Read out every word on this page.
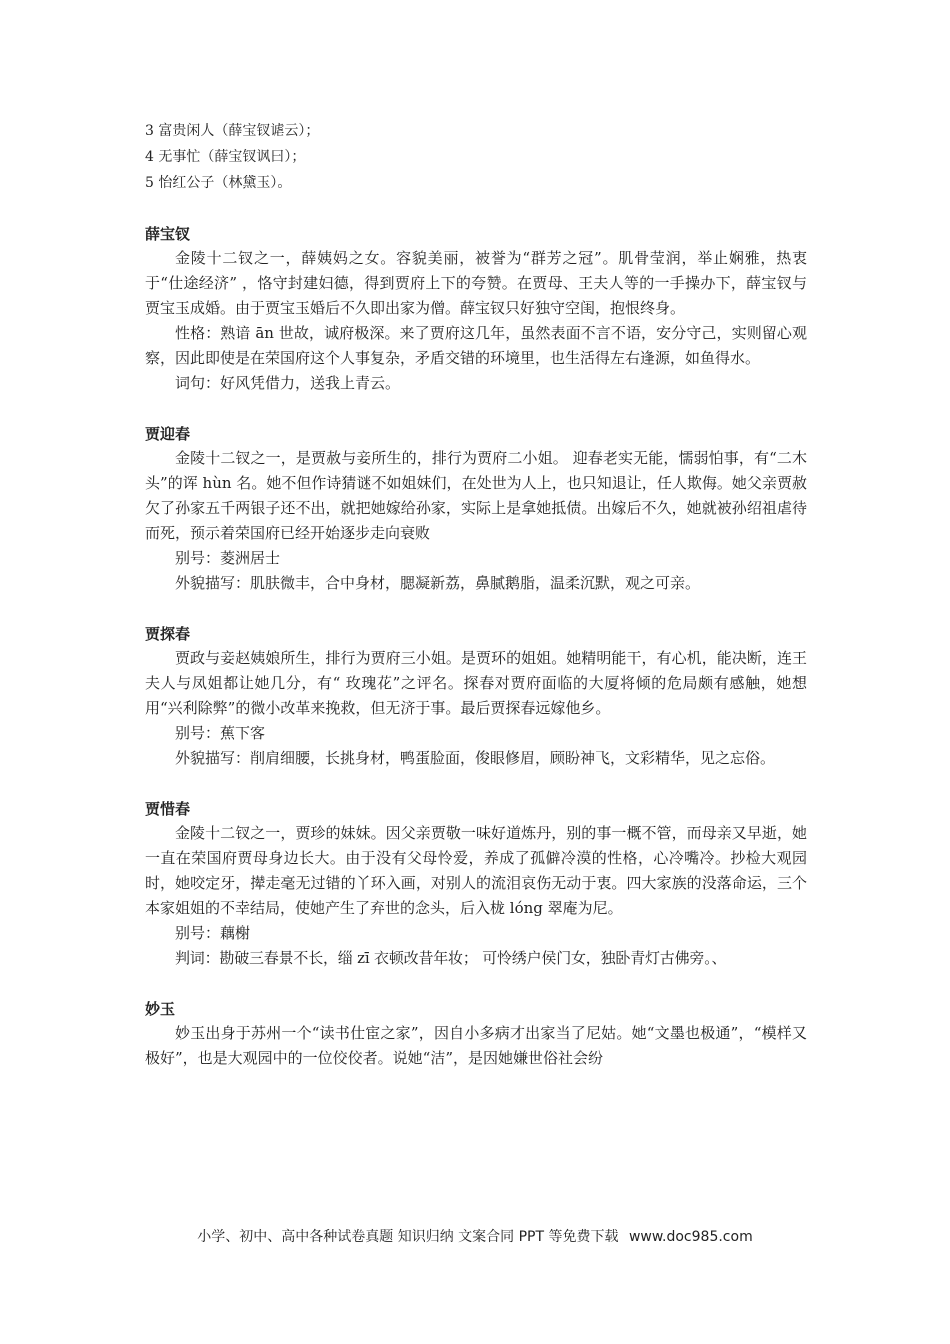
3 富贵闲人（薛宝钗谑云）；

4 无事忙（薛宝钗讽曰）；

5 怡红公子（林黛玉）。

薛宝钗

金陵十二钗之一，薛姨妈之女。容貌美丽，被誉为“群芳之冠”。肌骨莹润，举止娴雅，热衷于“仕途经济” ，恪守封建妇德，得到贾府上下的夸赞。在贾母、王夫人等的一手操办下，薛宝钗与贾宝玉成婚。由于贾宝玉婚后不久即出家为僧。薛宝钗只好独守空闺，抱恨终身。

性格：熟谙 ān 世故，诚府极深。来了贾府这几年，虽然表面不言不语，安分守己，实则留心观察，因此即使是在荣国府这个人事复杂，矛盾交错的环境里，也生活得左右逢源，如鱼得水。

词句：好风凭借力，送我上青云。

贾迎春

金陵十二钗之一，是贾赦与妾所生的，排行为贾府二小姐。 迎春老实无能，懦弱怕事，有“二木头”的诨 hùn 名。她不但作诗猜谜不如姐妹们，在处世为人上，也只知退让，任人欺侮。她父亲贾赦欠了孙家五千两银子还不出，就把她嫁给孙家，实际上是拿她抵债。出嫁后不久，她就被孙绍祖虐待而死，预示着荣国府已经开始逐步走向衰败

别号：菱洲居士

外貌描写：肌肤微丰，合中身材，腮凝新荔，鼻腻鹅脂，温柔沉默，观之可亲。

贾探春

贾政与妾赵姨娘所生，排行为贾府三小姐。是贾环的姐姐。她精明能干，有心机，能决断，连王夫人与凤姐都让她几分，有“ 玫瑰花”之评名。探春对贾府面临的大厦将倾的危局颇有感触，她想用“兴利除弊”的微小改革来挽救，但无济于事。最后贾探春远嫁他乡。

别号：蕉下客

外貌描写：削肩细腰，长挑身材，鸭蛋脸面，俊眼修眉，顾盼神飞，文彩精华，见之忘俗。

贾惜春

金陵十二钗之一，贾珍的妹妹。因父亲贾敬一味好道炼丹，别的事一概不管，而母亲又早逝，她一直在荣国府贾母身边长大。由于没有父母怜爱，养成了孤僻冷漠的性格，心冷嘴冷。抄检大观园时，她咬定牙，撵走毫无过错的丫环入画，对别人的流泪哀伤无动于衷。四大家族的没落命运，三个本家姐姐的不幸结局，使她产生了弃世的念头，后入栊 lóng 翠庵为尼。

别号：藕榭

判词：勘破三春景不长，缁 zī 衣顿改昔年妆； 可怜绣户侯门女，独卧青灯古佛旁。、

妙玉

妙玉出身于苏州一个“读书仕宦之家”，因自小多病才出家当了尼姑。她“文墨也极通”，“模样又极好”，也是大观园中的一位佼佼者。说她“洁”，是因她嫌世俗社会纷

小学、初中、高中各种试卷真题 知识归纳 文案合同 PPT 等免费下载 www.doc985.com
